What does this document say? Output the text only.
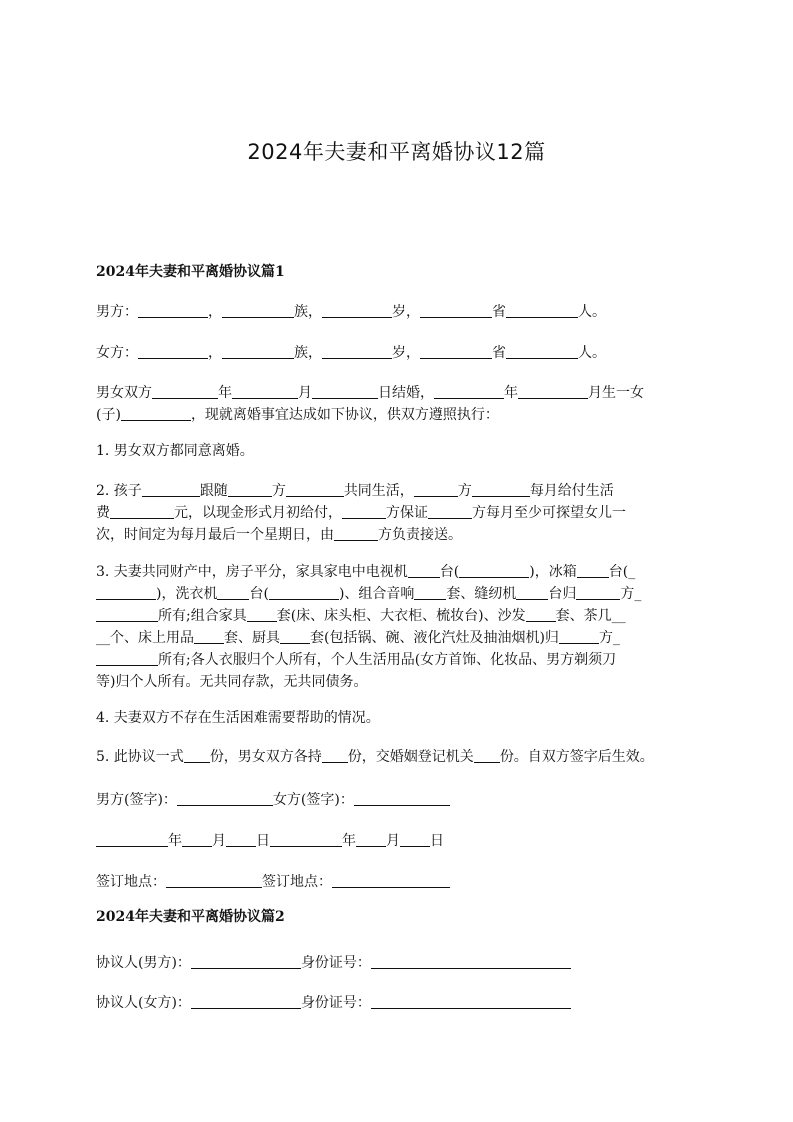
2024年夫妻和平离婚协议12篇
2024年夫妻和平离婚协议篇1
男方：	，	族，	岁，	省	人。
女方：	，	族，	岁，	省	人。
男女双方	年	月	日结婚，	年	月生一女
(子)	，现就离婚事宜达成如下协议，供双方遵照执行：
1. 男女双方都同意离婚。
2. 孩子	跟随	方	共同生活，	方	每月给付生活
费	元，以现金形式月初给付，	方保证	方每月至少可探望女儿一
次，时间定为每月最后一个星期日，由	方负责接送。
3. 夫妻共同财产中，房子平分，家具家电中电视机 台(	)，冰箱 台(_
)，洗衣机 台(	)、组合音响 套、缝纫机 台归	方_
所有;组合家具 套(床、床头柜、大衣柜、梳妆台)、沙发 套、茶几__
__个、床上用品 套、厨具 套(包括锅、碗、液化汽灶及抽油烟机)归	方_
所有;各人衣服归个人所有，个人生活用品(女方首饰、化妆品、男方剃须刀
等)归个人所有。无共同存款，无共同债务。
4. 夫妻双方不存在生活困难需要帮助的情况。
5. 此协议一式 份，男女双方各持 份，交婚姻登记机关 份。自双方签字后生效。
男方(签字)：	女方(签字)：
年 月 日	年 月 日
签订地点：	签订地点：
2024年夫妻和平离婚协议篇2
协议人(男方)：	身份证号：
协议人(女方)：	身份证号：
